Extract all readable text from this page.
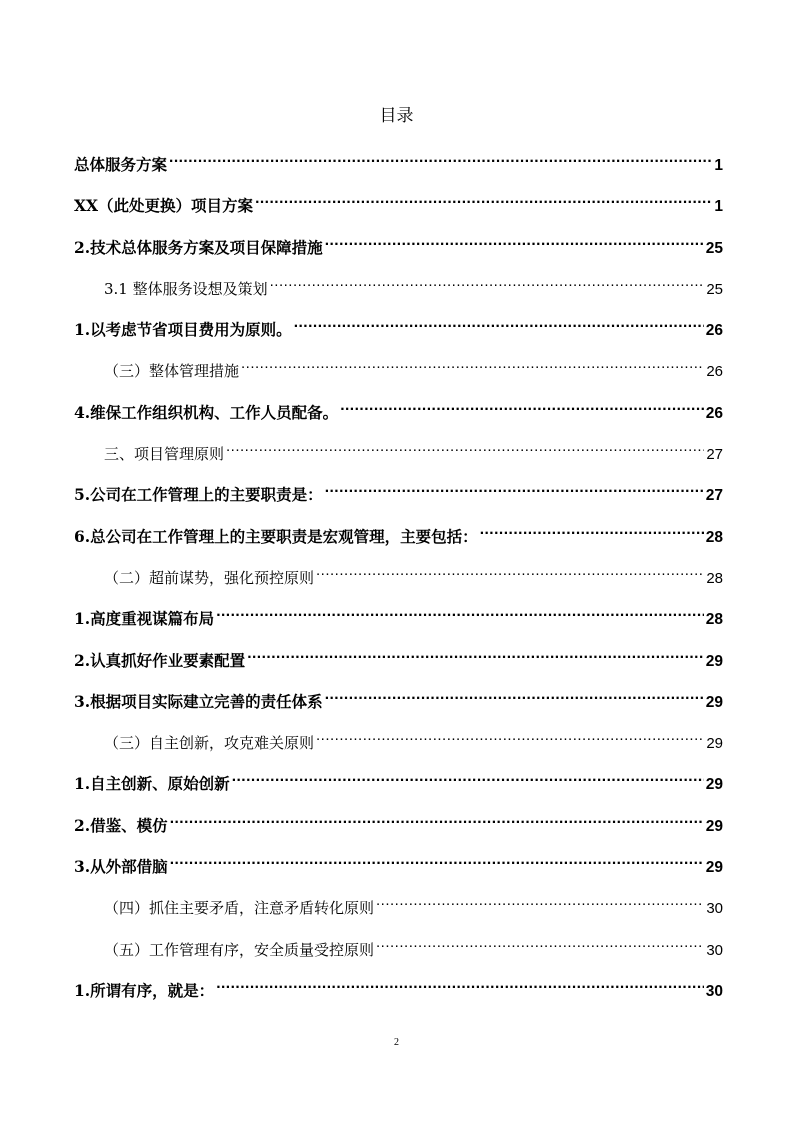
目录
总体服务方案 .....	1
XX（此处更换）项目方案 .....	1
2.技术总体服务方案及项目保障措施 .....	25
3.1 整体服务设想及策划 .....	25
1.以考虑节省项目费用为原则。 .....	26
（三）整体管理措施 .....	26
4.维保工作组织机构、工作人员配备。 .....	26
三、项目管理原则 .....	27
5.公司在工作管理上的主要职责是： .....	27
6.总公司在工作管理上的主要职责是宏观管理，主要包括： .....	28
（二）超前谋势，强化预控原则 .....	28
1.高度重视谋篇布局 .....	28
2.认真抓好作业要素配置 .....	29
3.根据项目实际建立完善的责任体系 .....	29
（三）自主创新，攻克难关原则 .....	29
1.自主创新、原始创新 .....	29
2.借鉴、模仿 .....	29
3.从外部借脑 .....	29
（四）抓住主要矛盾，注意矛盾转化原则 .....	30
（五）工作管理有序，安全质量受控原则 .....	30
1.所谓有序，就是： .....	30
2
